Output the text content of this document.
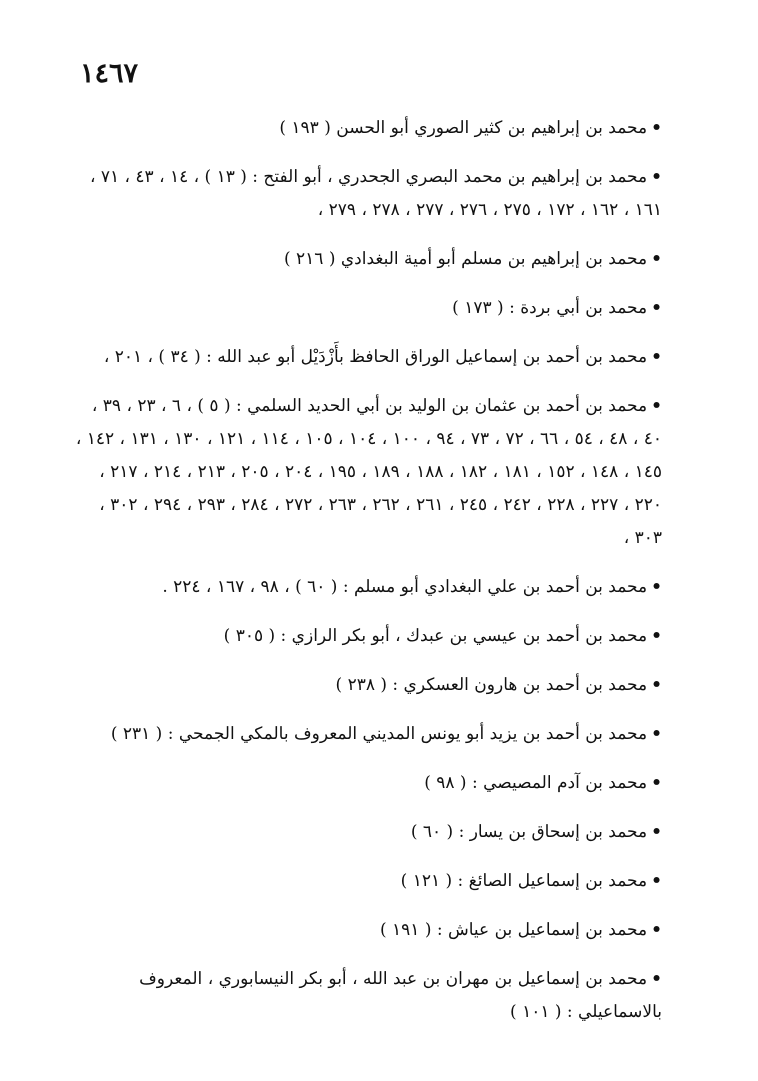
١٤٦٧

•محمد بن إبراهيم بن كثير الصوري أبو الحسن ( ١٩٣ )

•محمد بن إبراهيم بن محمد البصري الجحدري ، أبو الفتح : ( ١٣ ) ، ١٤ ، ٤٣ ، ٧١ ، ١٦١ ، ١٦٢ ، ١٧٢ ، ٢٧٥ ، ٢٧٦ ، ٢٧٧ ، ٢٧٨ ، ٢٧٩ ،

•محمد بن إبراهيم بن مسلم أبو أمية البغدادي ( ٢١٦ )

•محمد بن أبي بردة : ( ١٧٣ )

•محمد بن أحمد بن إسماعيل الوراق الحافظ بأَزْدَيْل أبو عبد الله : ( ٣٤ ) ، ٢٠١ ،

•محمد بن أحمد بن عثمان بن الوليد بن أبي الحديد السلمي : ( ٥ ) ، ٦ ، ٢٣ ، ٣٩ ، ٤٠ ، ٤٨ ، ٥٤ ، ٦٦ ، ٧٢ ، ٧٣ ، ٩٤ ، ١٠٠ ، ١٠٤ ، ١٠٥ ، ١١٤ ، ١٢١ ، ١٣٠ ، ١٣١ ، ١٤٢ ، ١٤٥ ، ١٤٨ ، ١٥٢ ، ١٨١ ، ١٨٢ ، ١٨٨ ، ١٨٩ ، ١٩٥ ، ٢٠٤ ، ٢٠٥ ، ٢١٣ ، ٢١٤ ، ٢١٧ ، ٢٢٠ ، ٢٢٧ ، ٢٢٨ ، ٢٤٢ ، ٢٤٥ ، ٢٦١ ، ٢٦٢ ، ٢٦٣ ، ٢٧٢ ، ٢٨٤ ، ٢٩٣ ، ٢٩٤ ، ٣٠٢ ، ٣٠٣ ،

•محمد بن أحمد بن علي البغدادي أبو مسلم : ( ٦٠ ) ، ٩٨ ، ١٦٧ ، ٢٢٤ .

•محمد بن أحمد بن عيسي بن عبدك ، أبو بكر الرازي : ( ٣٠٥ )

•محمد بن أحمد بن هارون العسكري : ( ٢٣٨ )

•محمد بن أحمد بن يزيد أبو يونس المديني المعروف بالمكي الجمحي : ( ٢٣١ )

•محمد بن آدم المصيصي : ( ٩٨ )

•محمد بن إسحاق بن يسار : ( ٦٠ )

•محمد بن إسماعيل الصائغ : ( ١٢١ )

•محمد بن إسماعيل بن عياش : ( ١٩١ )

•محمد بن إسماعيل بن مهران بن عبد الله ، أبو بكر النيسابوري ، المعروف بالاسماعيلي : ( ١٠١ )
